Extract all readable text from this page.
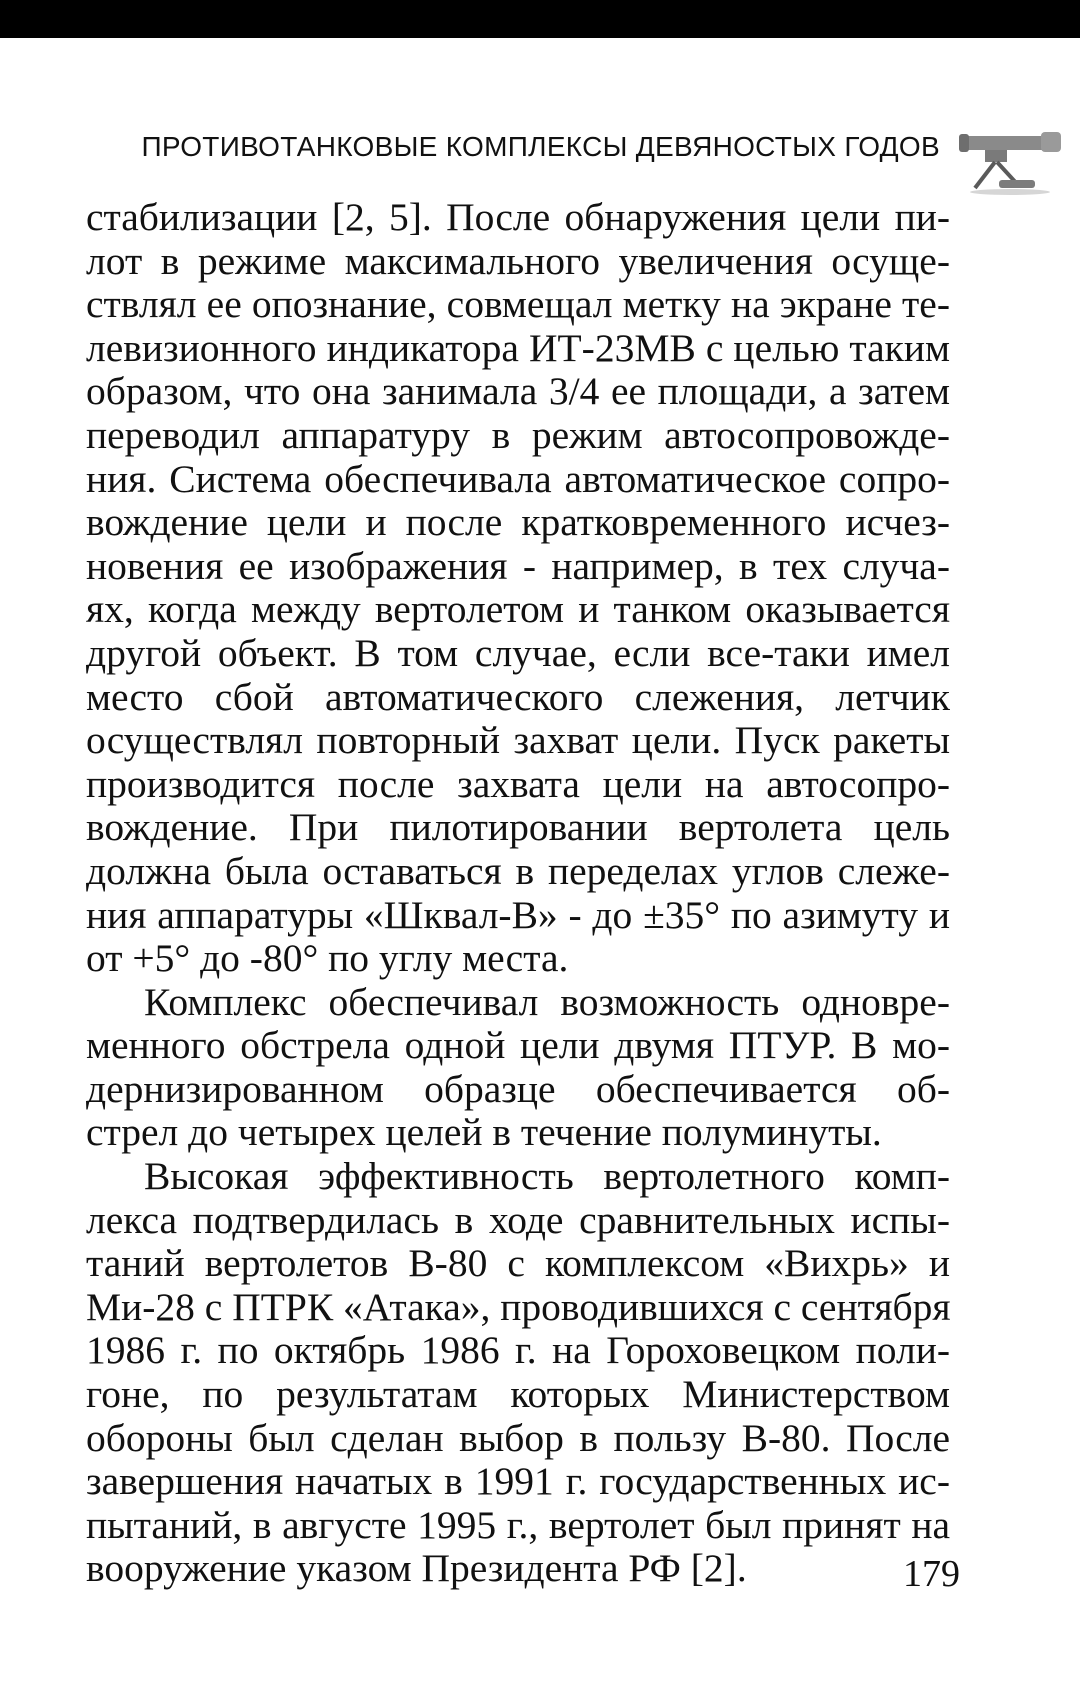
ПРОТИВОТАНКОВЫЕ КОМПЛЕКСЫ ДЕВЯНОСТЫХ ГОДОВ
стабилизации [2, 5]. После обнаружения цели пи-
лот в режиме максимального увеличения осуще-
ствлял ее опознание, совмещал метку на экране те-
левизионного индикатора ИТ-23МВ с целью таким
образом, что она занимала 3/4 ее площади, а затем
переводил аппаратуру в режим автосопровожде-
ния. Система обеспечивала автоматическое сопро-
вождение цели и после кратковременного исчез-
новения ее изображения - например, в тех случа-
ях, когда между вертолетом и танком оказывается
другой объект. В том случае, если все-таки имел
место сбой автоматического слежения, летчик
осуществлял повторный захват цели. Пуск ракеты
производится после захвата цели на автосопро-
вождение. При пилотировании вертолета цель
должна была оставаться в переделах углов слеже-
ния аппаратуры «Шквал-В» - до ±35° по азимуту и
от +5° до -80° по углу места.
Комплекс обеспечивал возможность одновре-
менного обстрела одной цели двумя ПТУР. В мо-
дернизированном образце обеспечивается об-
стрел до четырех целей в течение полуминуты.
Высокая эффективность вертолетного комп-
лекса подтвердилась в ходе сравнительных испы-
таний вертолетов В-80 с комплексом «Вихрь» и
Ми-28 с ПТРК «Атака», проводившихся с сентября
1986 г. по октябрь 1986 г. на Гороховецком поли-
гоне, по результатам которых Министерством
обороны был сделан выбор в пользу В-80. После
завершения начатых в 1991 г. государственных ис-
пытаний, в августе 1995 г., вертолет был принят на
вооружение указом Президента РФ [2].	179
